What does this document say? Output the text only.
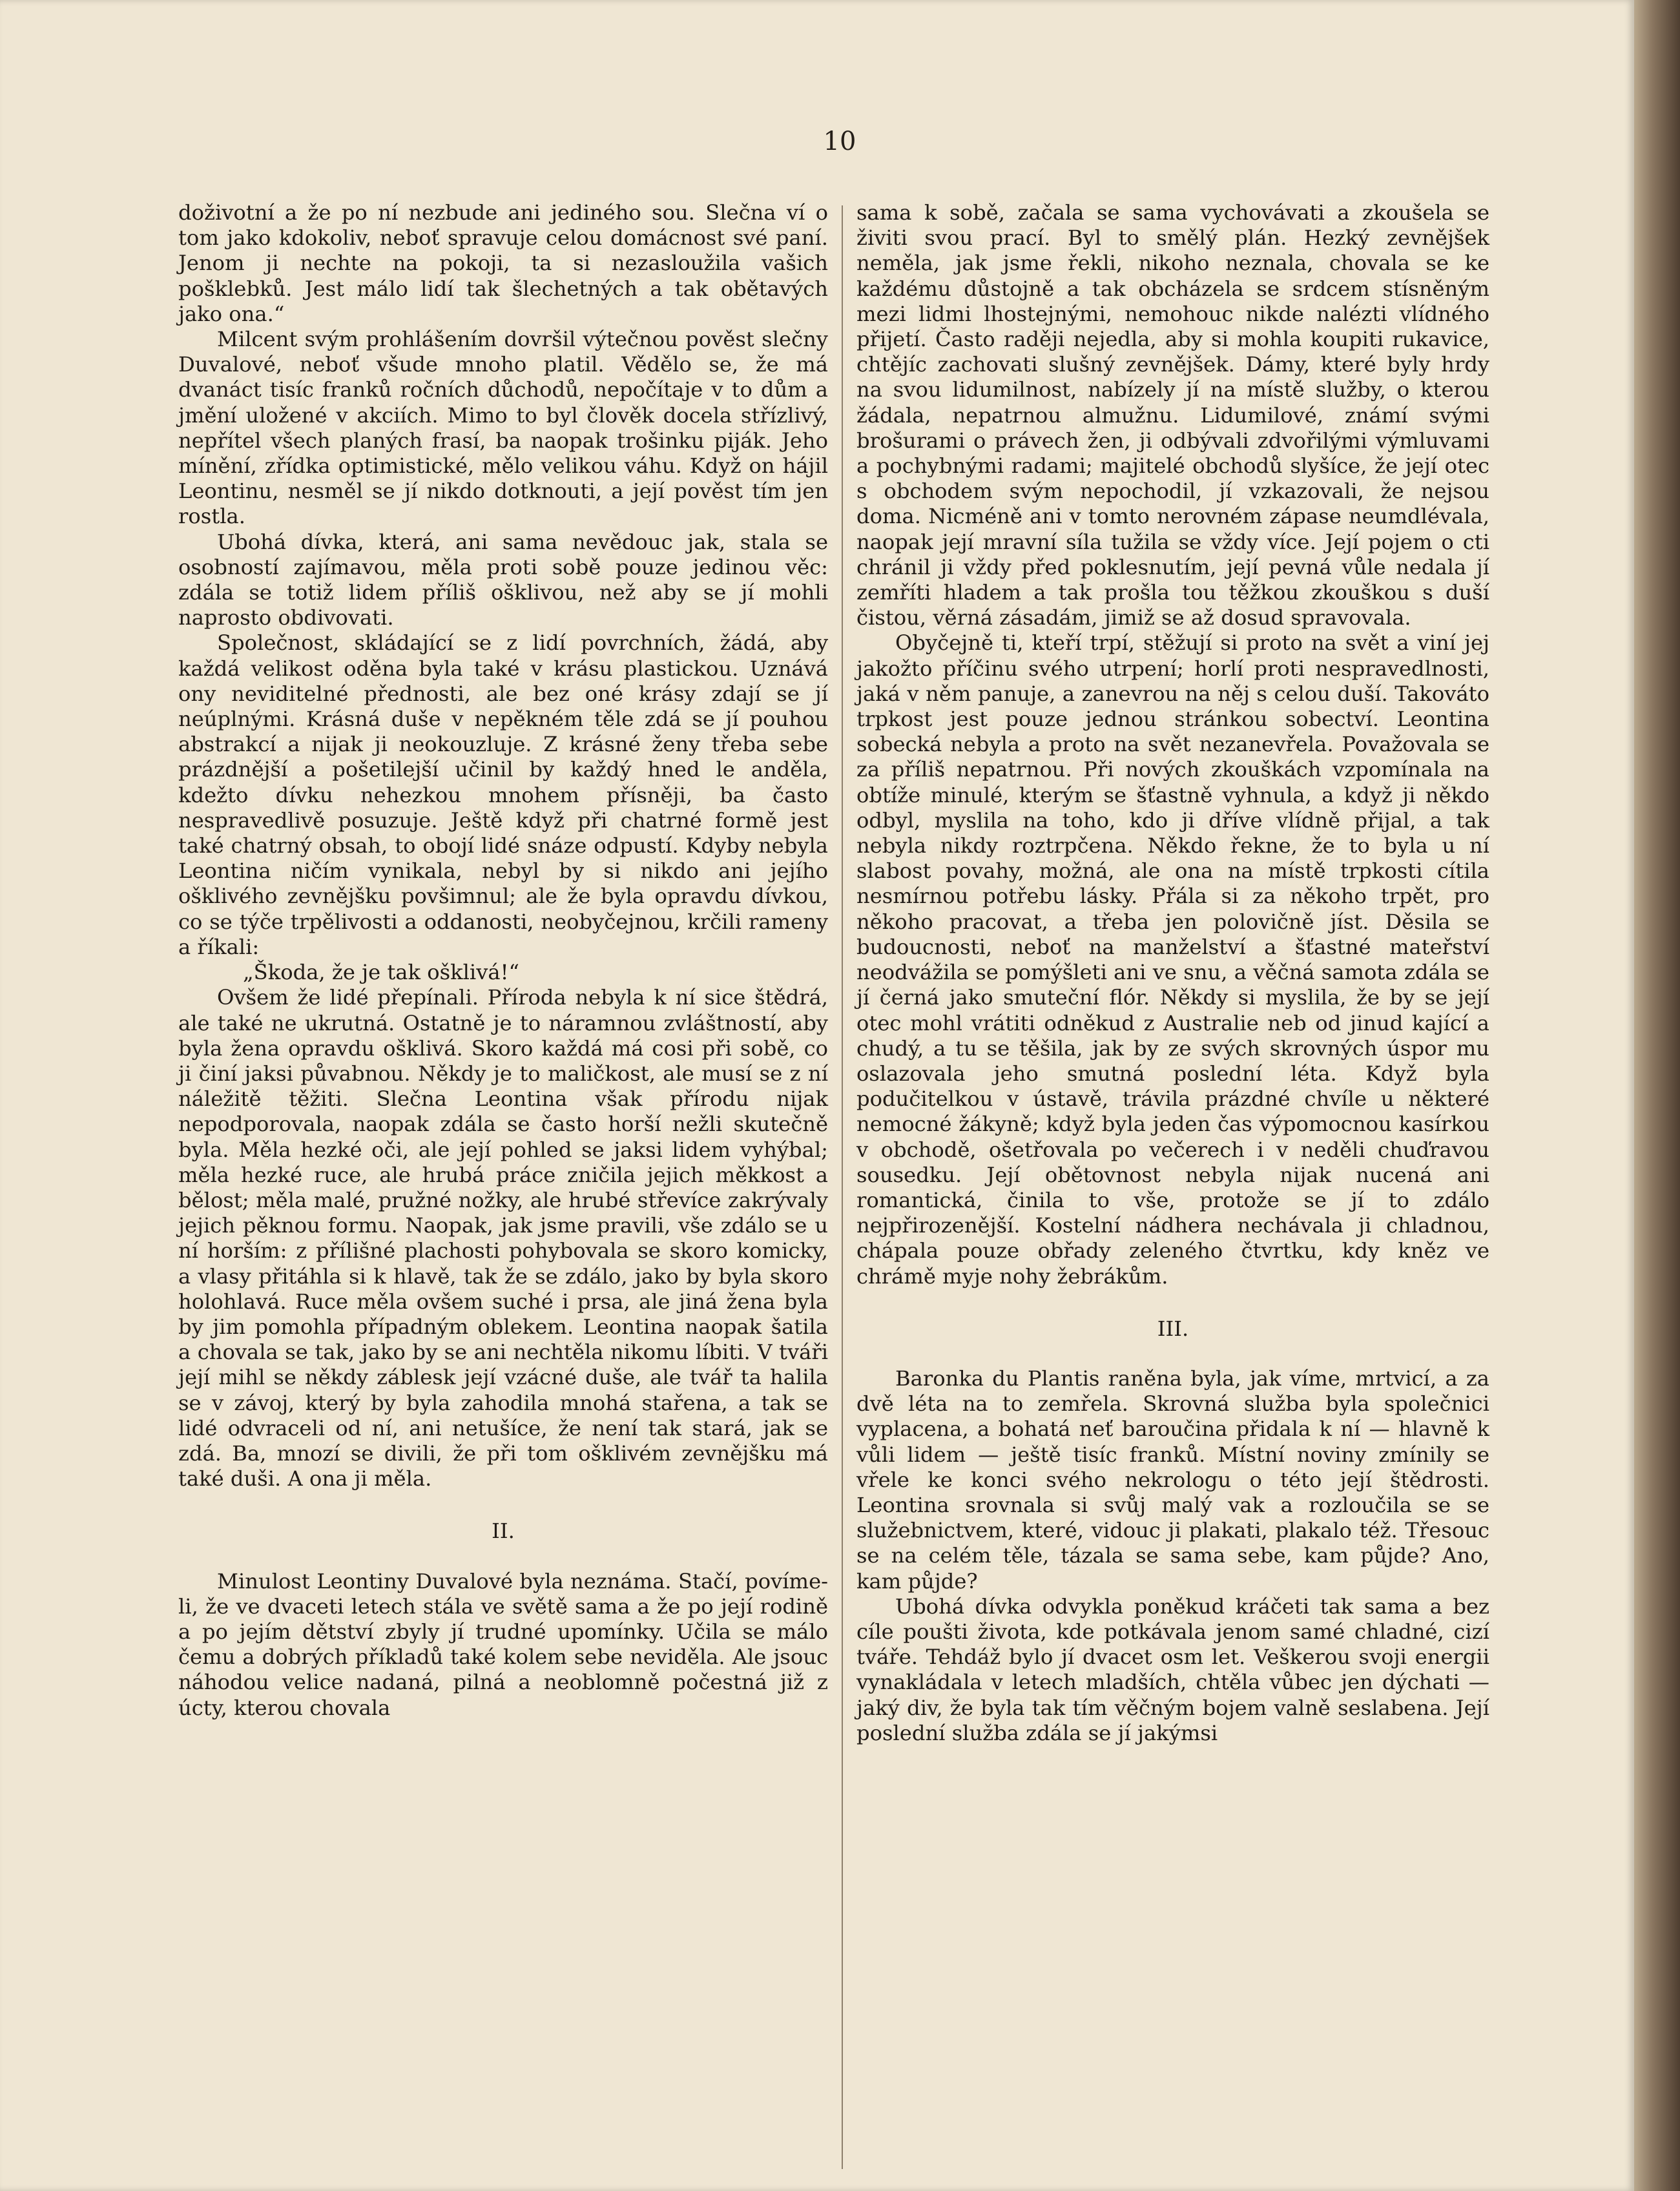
10

doživotní a že po ní nezbude ani jediného sou. Slečna ví o tom jako kdokoliv, neboť spravuje celou domácnost své paní. Jenom ji nechte na pokoji, ta si nezasloužila vašich pošklebků. Jest málo lidí tak šlechetných a tak obětavých jako ona.“

Milcent svým prohlášením dovršil výtečnou pověst slečny Duvalové, neboť všude mnoho platil. Vědělo se, že má dvanáct tisíc franků ročních důchodů, nepočítaje v to dům a jmění uložené v akciích. Mimo to byl člověk docela střízlivý, nepřítel všech planých frasí, ba naopak trošinku piják. Jeho mínění, zřídka optimistické, mělo velikou váhu. Když on hájil Leontinu, nesměl se jí nikdo dotknouti, a její pověst tím jen rostla.

Ubohá dívka, která, ani sama nevědouc jak, stala se osobností zajímavou, měla proti sobě pouze jedinou věc: zdála se totiž lidem příliš ošklivou, než aby se jí mohli naprosto obdivovati.

Společnost, skládající se z lidí povrchních, žádá, aby každá velikost oděna byla také v krásu plastickou. Uznává ony neviditelné přednosti, ale bez oné krásy zdají se jí neúplnými. Krásná duše v nepěkném těle zdá se jí pouhou abstrakcí a nijak ji neokouzluje. Z krásné ženy třeba sebe prázdnější a pošetilejší učinil by každý hned le anděla, kdežto dívku nehezkou mnohem přísněji, ba často nespravedlivě posuzuje. Ještě když při chatrné formě jest také chatrný obsah, to obojí lidé snáze odpustí. Kdyby nebyla Leontina ničím vynikala, nebyl by si nikdo ani jejího ošklivého zevnějšku povšimnul; ale že byla opravdu dívkou, co se týče trpělivosti a oddanosti, neobyčejnou, krčili rameny a říkali:

„Škoda, že je tak ošklivá!“

Ovšem že lidé přepínali. Příroda nebyla k ní sice štědrá, ale také ne ukrutná. Ostatně je to náramnou zvláštností, aby byla žena opravdu ošklivá. Skoro každá má cosi při sobě, co ji činí jaksi půvabnou. Někdy je to maličkost, ale musí se z ní náležitě těžiti. Slečna Leontina však přírodu nijak nepodporovala, naopak zdála se často horší nežli skutečně byla. Měla hezké oči, ale její pohled se jaksi lidem vyhýbal; měla hezké ruce, ale hrubá práce zničila jejich měkkost a bělost; měla malé, pružné nožky, ale hrubé střevíce zakrývaly jejich pěknou formu. Naopak, jak jsme pravili, vše zdálo se u ní horším: z přílišné plachosti pohybovala se skoro komicky, a vlasy přitáhla si k hlavě, tak že se zdálo, jako by byla skoro holohlavá. Ruce měla ovšem suché i prsa, ale jiná žena byla by jim pomohla případným oblekem. Leontina naopak šatila a chovala se tak, jako by se ani nechtěla nikomu líbiti. V tváři její mihl se někdy záblesk její vzácné duše, ale tvář ta halila se v závoj, který by byla zahodila mnohá stařena, a tak se lidé odvraceli od ní, ani netušíce, že není tak stará, jak se zdá. Ba, mnozí se divili, že při tom ošklivém zevnějšku má také duši. A ona ji měla.

II.

Minulost Leontiny Duvalové byla neznáma. Stačí, povíme-li, že ve dvaceti letech stála ve světě sama a že po její rodině a po jejím dětství zbyly jí trudné upomínky. Učila se málo čemu a dobrých příkladů také kolem sebe neviděla. Ale jsouc náhodou velice nadaná, pilná a neoblomně počestná již z úcty, kterou chovala

sama k sobě, začala se sama vychovávati a zkoušela se živiti svou prací. Byl to smělý plán. Hezký zevnějšek neměla, jak jsme řekli, nikoho neznala, chovala se ke každému důstojně a tak obcházela se srdcem stísněným mezi lidmi lhostejnými, nemohouc nikde nalézti vlídného přijetí. Často raději nejedla, aby si mohla koupiti rukavice, chtějíc zachovati slušný zevnějšek. Dámy, které byly hrdy na svou lidumilnost, nabízely jí na místě služby, o kterou žádala, nepatrnou almužnu. Lidumilové, známí svými brošurami o právech žen, ji odbývali zdvořilými výmluvami a pochybnými radami; majitelé obchodů slyšíce, že její otec s obchodem svým nepochodil, jí vzkazovali, že nejsou doma. Nicméně ani v tomto nerovném zápase neumdlévala, naopak její mravní síla tužila se vždy více. Její pojem o cti chránil ji vždy před poklesnutím, její pevná vůle nedala jí zemříti hladem a tak prošla tou těžkou zkouškou s duší čistou, věrná zásadám, jimiž se až dosud spravovala.

Obyčejně ti, kteří trpí, stěžují si proto na svět a viní jej jakožto příčinu svého utrpení; horlí proti nespravedlnosti, jaká v něm panuje, a zanevrou na něj s celou duší. Takováto trpkost jest pouze jednou stránkou sobectví. Leontina sobecká nebyla a proto na svět nezanevřela. Považovala se za příliš nepatrnou. Při nových zkouškách vzpomínala na obtíže minulé, kterým se šťastně vyhnula, a když ji někdo odbyl, myslila na toho, kdo ji dříve vlídně přijal, a tak nebyla nikdy roztrpčena. Někdo řekne, že to byla u ní slabost povahy, možná, ale ona na místě trpkosti cítila nesmírnou potřebu lásky. Přála si za někoho trpět, pro někoho pracovat, a třeba jen polovičně jíst. Děsila se budoucnosti, neboť na manželství a šťastné mateřství neodvážila se pomýšleti ani ve snu, a věčná samota zdála se jí černá jako smuteční flór. Někdy si myslila, že by se její otec mohl vrátiti odněkud z Australie neb od jinud kající a chudý, a tu se těšila, jak by ze svých skrovných úspor mu oslazovala jeho smutná poslední léta. Když byla podučitelkou v ústavě, trávila prázdné chvíle u některé nemocné žákyně; když byla jeden čas výpomocnou kasírkou v obchodě, ošetřovala po večerech i v neděli chuďravou sousedku. Její obětovnost nebyla nijak nucená ani romantická, činila to vše, protože se jí to zdálo nejpřirozenější. Kostelní nádhera nechávala ji chladnou, chápala pouze obřady zeleného čtvrtku, kdy kněz ve chrámě myje nohy žebrákům.

III.

Baronka du Plantis raněna byla, jak víme, mrtvicí, a za dvě léta na to zemřela. Skrovná služba byla společnici vyplacena, a bohatá neť baroučina přidala k ní — hlavně k vůli lidem — ještě tisíc franků. Místní noviny zmínily se vřele ke konci svého nekrologu o této její štědrosti. Leontina srovnala si svůj malý vak a rozloučila se se služebnictvem, které, vidouc ji plakati, plakalo též. Třesouc se na celém těle, tázala se sama sebe, kam půjde? Ano, kam půjde?

Ubohá dívka odvykla poněkud kráčeti tak sama a bez cíle poušti života, kde potkávala jenom samé chladné, cizí tváře. Tehdáž bylo jí dvacet osm let. Veškerou svoji energii vynakládala v letech mladších, chtěla vůbec jen dýchati — jaký div, že byla tak tím věčným bojem valně seslabena. Její poslední služba zdála se jí jakýmsi
